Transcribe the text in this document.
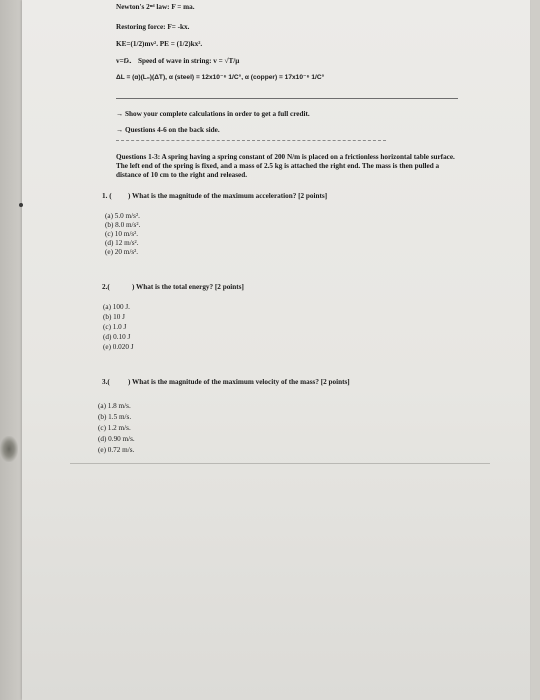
Newton's 2ⁿᵈ law: F = ma.
Restoring force: F= -kx.
KE=(1/2)mv². PE = (1/2)kx².
v=fλ. Speed of wave in string: v = √T/μ
ΔL = (α)(L₀)(ΔT), α (steel) = 12x10⁻⁶ 1/C°, α (copper) = 17x10⁻⁶ 1/C°
→ Show your complete calculations in order to get a full credit.
→ Questions 4-6 on the back side.
Questions 1-3: A spring having a spring constant of 200 N/m is placed on a frictionless horizontal table surface. The left end of the spring is fixed, and a mass of 2.5 kg is attached the right end. The mass is then pulled a distance of 10 cm to the right and released.
1. ( ) What is the magnitude of the maximum acceleration? [2 points]
(a) 5.0 m/s².
(b) 8.0 m/s².
(c) 10 m/s².
(d) 12 m/s².
(e) 20 m/s².
2.(	) What is the total energy? [2 points]
(a) 100 J.
(b) 10 J
(c) 1.0 J
(d) 0.10 J
(e) 0.020 J
3.(	) What is the magnitude of the maximum velocity of the mass? [2 points]
(a) 1.8 m/s.
(b) 1.5 m/s.
(c) 1.2 m/s.
(d) 0.90 m/s.
(e) 0.72 m/s.
